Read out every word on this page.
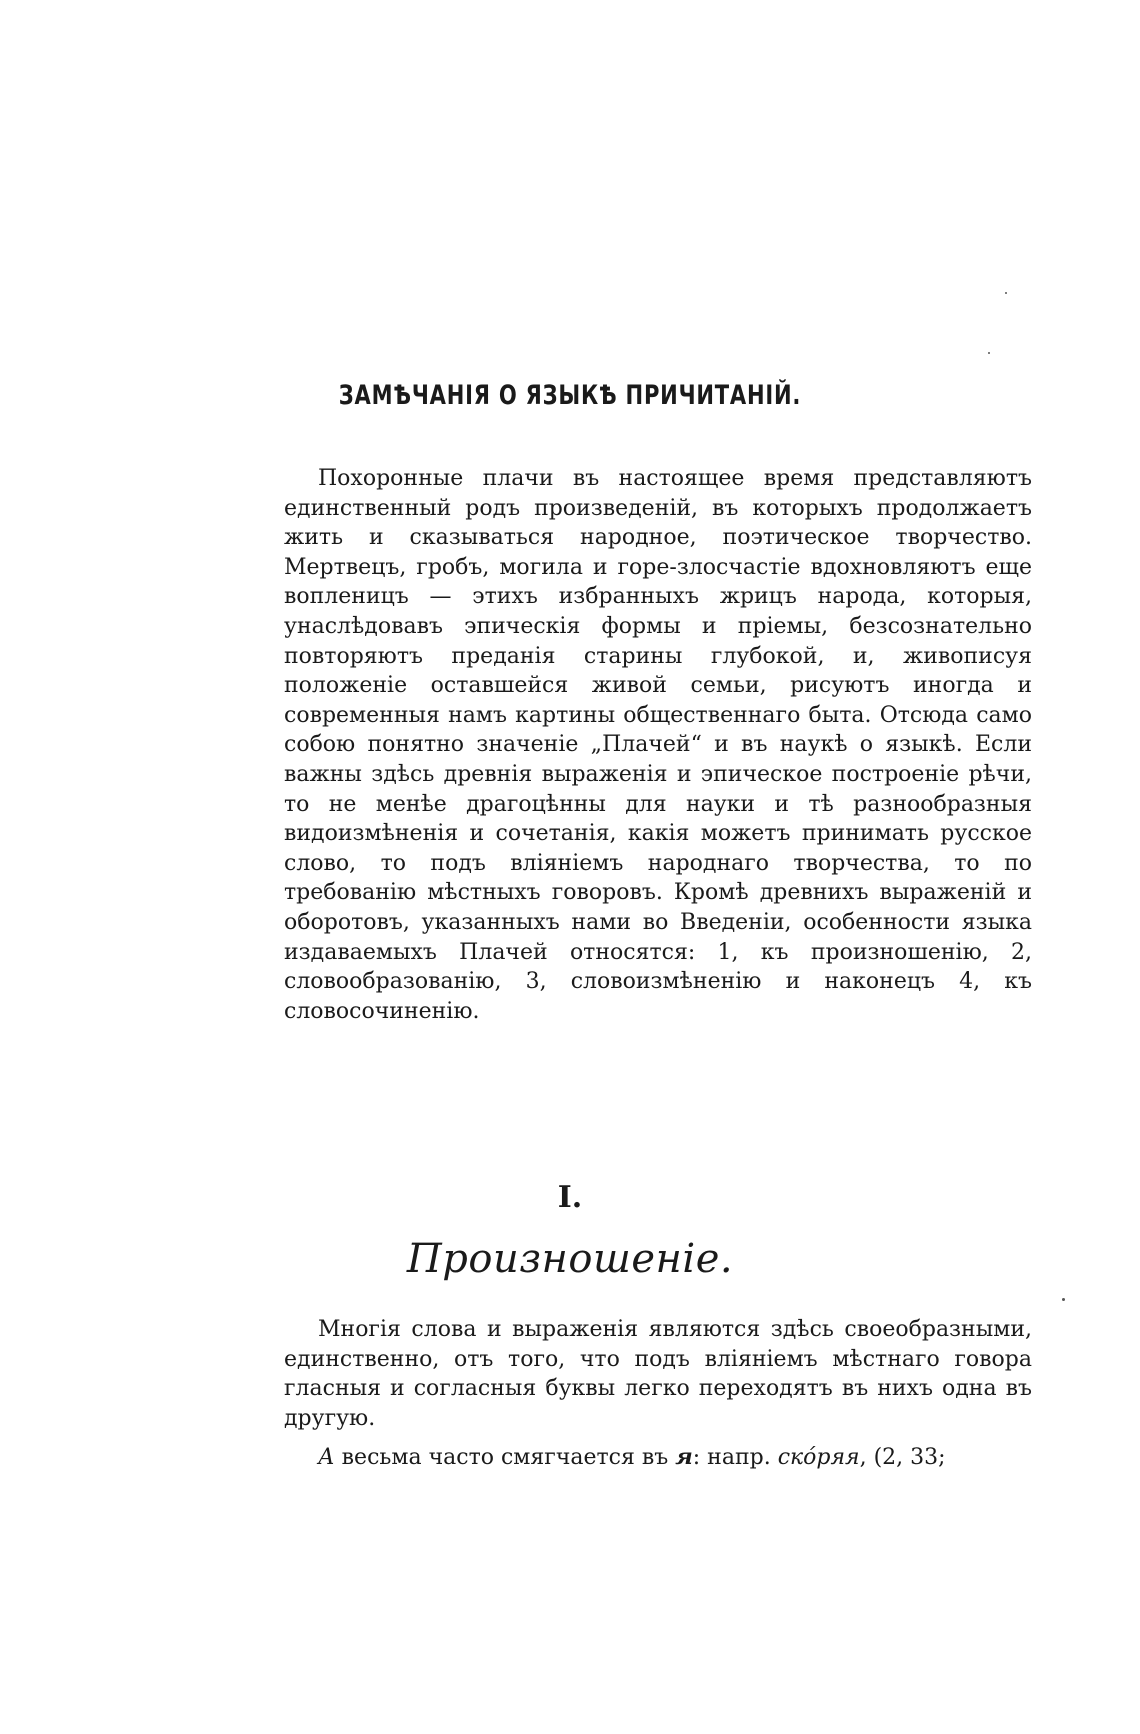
ЗАМѢЧАНІЯ О ЯЗЫКѢ ПРИЧИТАНІЙ.

Похоронные плачи въ настоящее время представляютъ единственный родъ произведеній, въ которыхъ продолжаетъ жить и сказываться народное, поэтическое творчество. Мертвецъ, гробъ, могила и горе-злосчастіе вдохновляютъ еще вопленицъ — этихъ избранныхъ жрицъ народа, которыя, унаслѣдовавъ эпическія формы и пріемы, безсознательно повторяютъ преданія старины глубокой, и, живописуя положеніе оставшейся живой семьи, рисуютъ иногда и современныя намъ картины общественнаго быта. Отсюда само собою понятно значеніе „Плачей“ и въ наукѣ о языкѣ. Если важны здѣсь древнія выраженія и эпическое построеніе рѣчи, то не менѣе драгоцѣнны для науки и тѣ разнообразныя видоизмѣненія и сочетанія, какія можетъ принимать русское слово, то подъ вліяніемъ народнаго творчества, то по требованію мѣстныхъ говоровъ. Кромѣ древнихъ выраженій и оборотовъ, указанныхъ нами во Введеніи, особенности языка издаваемыхъ Плачей относятся: 1, къ произношенію, 2, словообразованію, 3, словоизмѣненію и наконецъ 4, къ словосочиненію.

I.
Произношеніе.

Многія слова и выраженія являются здѣсь своеобразными, единственно, отъ того, что подъ вліяніемъ мѣстнаго говора гласныя и согласныя буквы легко переходятъ въ нихъ одна въ другую.

А весьма часто смягчается въ я: напр. скóряя, (2, 33;
